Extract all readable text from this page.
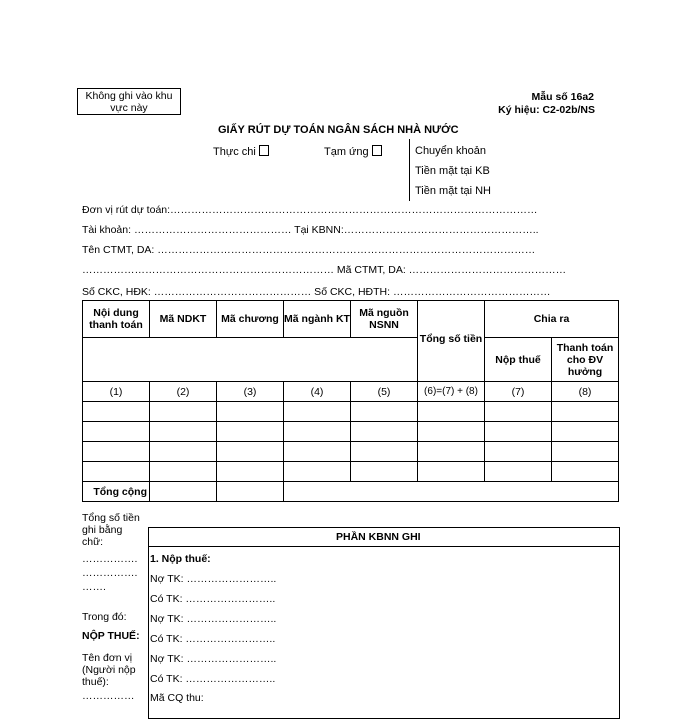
Không ghi vào khu
vực này
Mẫu số 16a2
Ký hiệu: C2-02b/NS
GIẤY RÚT DỰ TOÁN NGÂN SÁCH NHÀ NƯỚC
Thực chi	Tạm ứng	Chuyển khoản
Tiền mặt tại KB
Tiền mặt tại NH
Đơn vị rút dự toán:……………………………………………………………………………………………
Tài khoản: ……………………………………… Tại KBNN:………………………………………………..
Tên CTMT, DA: ………………………………………………………………………………………………
……………………………………………………………… Mã CTMT, DA: ………………………………………
Số CKC, HĐK: ……………………………………… Số CKC, HĐTH: ………………………………………
Nội dung thanh toán	Mã NDKT	Mã chương	Mã ngành KT	Mã nguồn NSNN	Tổng số tiền	Chia ra	
						Nộp thuế	Thanh toán cho ĐV hưởng
(1)	(2)	(3)	(4)	(5)	(6)=(7) + (8)	(7)	(8)

Tổng cộng							
Tổng số tiền ghi bằng chữ:
…………….
…………….
…….
Trong đó:
NỘP THUẾ:
Tên đơn vị (Người nộp thuế):
……………
PHẦN KBNN GHI
1. Nộp thuế:
Nợ TK: ……………………..
Có TK: ……………………..
Nợ TK: ……………………..
Có TK: ……………………..
Nợ TK: ……………………..
Có TK: ……………………..
Mã CQ thu:
